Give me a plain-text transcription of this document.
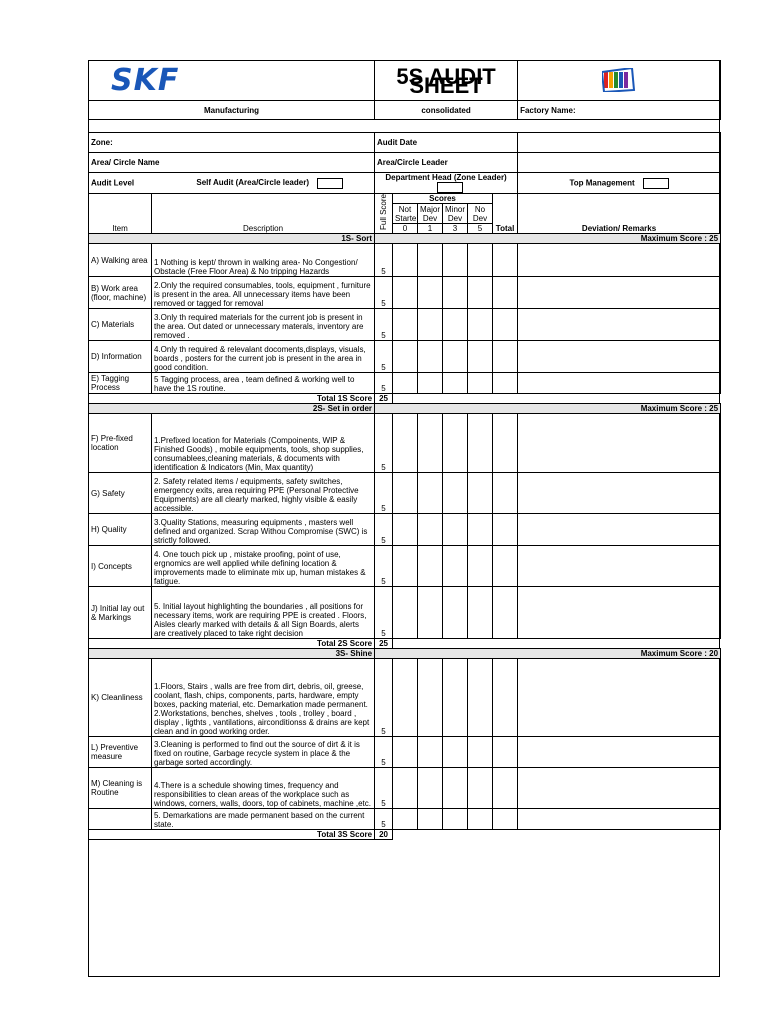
SKF		5S AUDIT SHEET	
Manufacturing		consolidated						Factory Name:

Zone:		Audit Date						
Area/ Circle Name		Area/Circle Leader						
Audit Level Self Audit (Area/Circle leader)		Department Head (Zone Leader)						Top Management
Item	Description	Full Score	Scores				Total	Deviation/ Remarks
			Not Starte	Major Dev	Minor Dev	No Dev		
			0	1	3	5		
1S- Sort		Maximum Score : 25						
A) Walking area	1 Nothing is kept/ thrown in walking area- No Congestion/ Obstacle (Free Floor Area) & No tripping Hazards	5						
B) Work area (floor, machine)	2.Only the required consumables, tools, equipment , furniture is present in the area. All unnecessary items have been removed or tagged for removal	5						
C) Materials	3.Only th required materials for the current job is present in the area. Out dated or unnecessary materals, inventory are removed .	5						
D) Information	4.Only th required & relevalant docoments,displays, visuals, boards , posters for the current job is present in the area in good condition.	5						
E) Tagging Process	5 Tagging process, area , team defined & working well to have the 1S routine.	5						
Total 1S Score		25						
2S- Set in order		Maximum Score : 25						
F) Pre-fixed location	1.Prefixed location for Materials (Compoinents, WIP & Finished Goods) , mobile equipments, tools, shop supplies, consumablees,cleaning materials, & documents with identification & Indicators (Min, Max quantity)	5						
G) Safety	2. Safety related items / equipments, safety switches, emergency exits, area requiring PPE (Personal Protective Equipments) are all clearly marked, highly visible & easily accessible.	5						
H) Quality	3.Quality Stations, measuring equipments , masters well defined and organized. Scrap Withou Compromise (SWC) is strictly followed.	5						
I) Concepts	4. One touch pick up , mistake proofing, point of use, ergnomics are well applied while defining location & improvements made to eliminate mix up, human mistakes & fatigue.	5						
J) Initial lay out & Markings	5. Initial layout highlighting the boundaries , all positions for necessary items, work are requiring PPE is created . Floors, Aisles clearly marked with details & all Sign Boards, alerts are creatively placed to take right decision	5						
Total 2S Score		25						
3S- Shine		Maximum Score : 20						
K) Cleanliness	1.Floors, Stairs , walls are free from dirt, debris, oil, greese, coolant, flash, chips, components, parts, hardware, empty boxes, packing material, etc. Demarkation made permanent.
2.Workstations, benches, shelves , tools , trolley , board , display , ligthts , vantilations, airconditionss & drains are kept clean and in good working order.	5						
L) Preventive measure	3.Cleaning is performed to find out the source of dirt & it is fixed on routine, Garbage recycle system in place & the garbage sorted accordingly.	5						
M) Cleaning is Routine	4.There is a schedule showing times, frequency and responsibilities to clean areas of the workplace such as windows, corners, walls, doors, top of cabinets, machine ,etc.	5						
	5. Demarkations are made permanent based on the current state.	5						
Total 3S Score		20						
